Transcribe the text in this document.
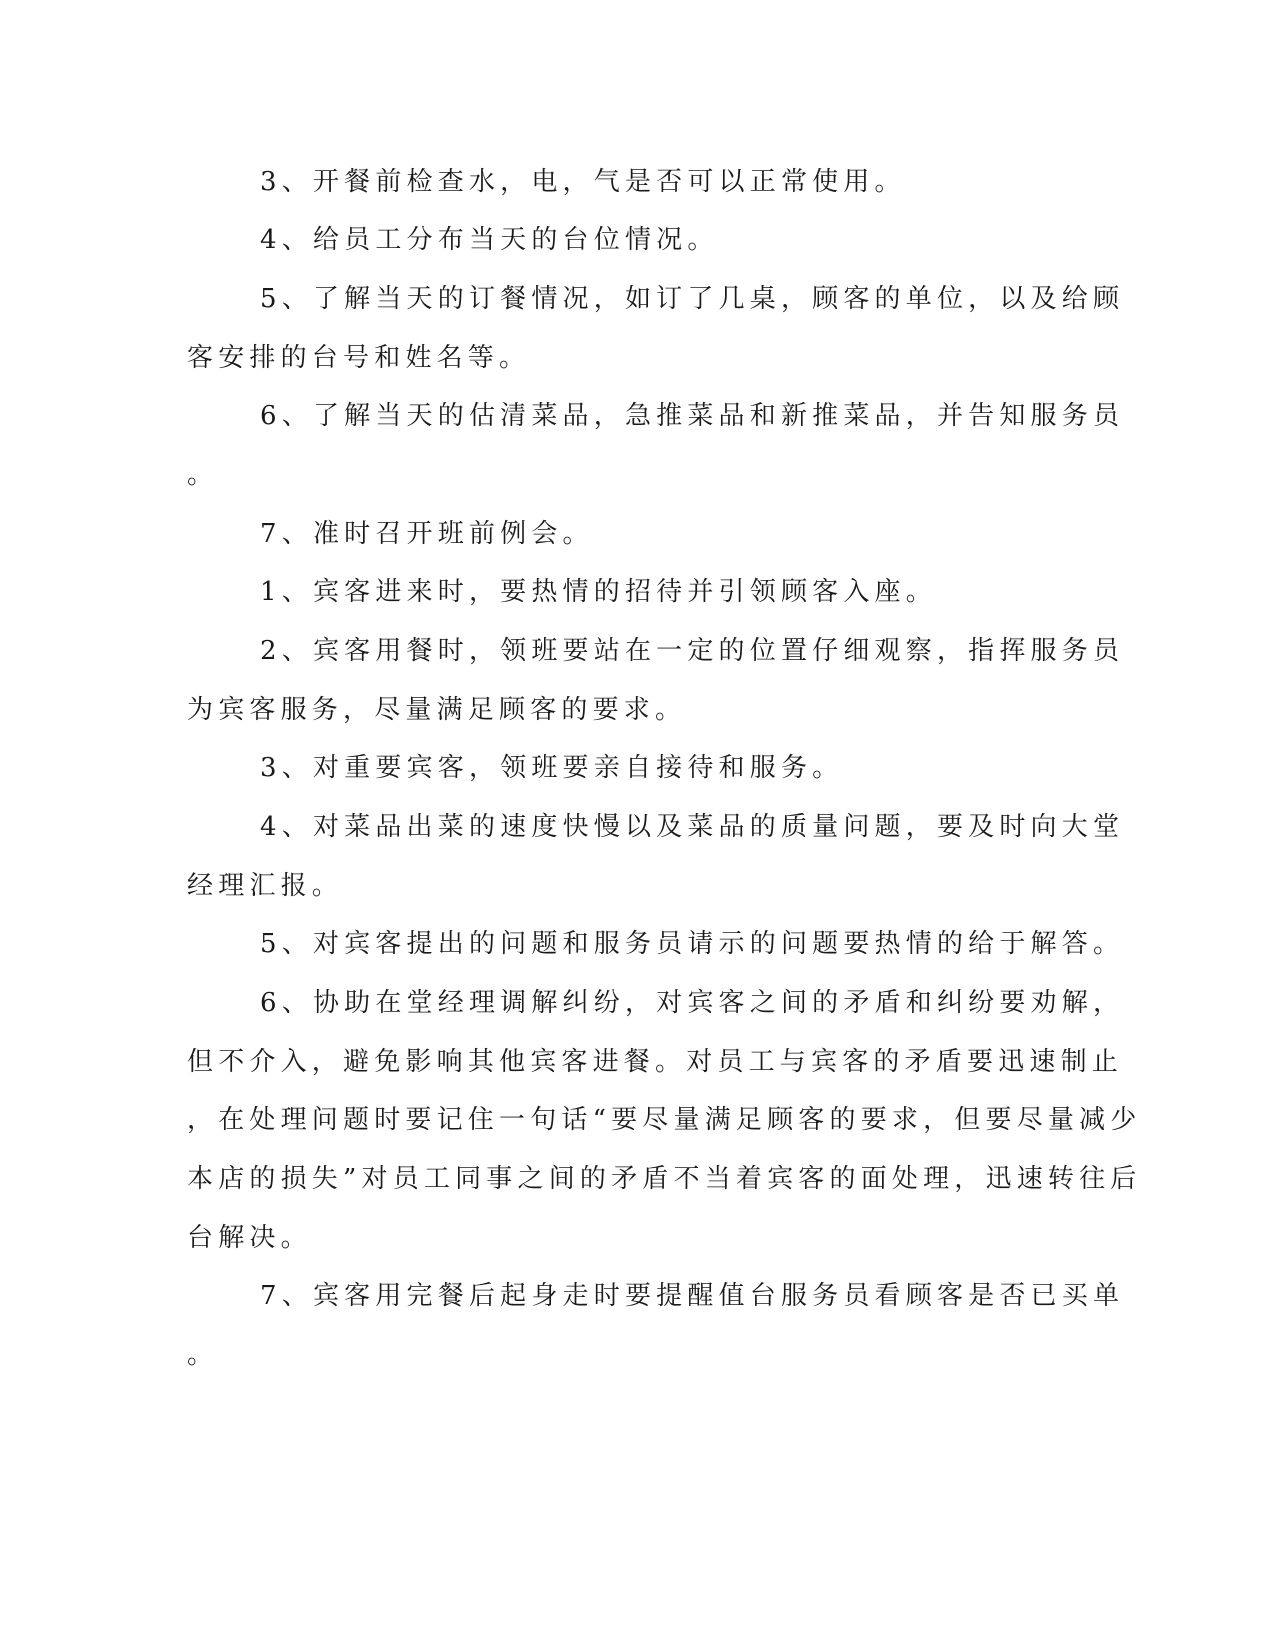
3、开餐前检查水，电，气是否可以正常使用。
4、给员工分布当天的台位情况。
5、了解当天的订餐情况，如订了几桌，顾客的单位，以及给顾
客安排的台号和姓名等。
6、了解当天的估清菜品，急推菜品和新推菜品，并告知服务员
。
7、准时召开班前例会。
1、宾客进来时，要热情的招待并引领顾客入座。
2、宾客用餐时，领班要站在一定的位置仔细观察，指挥服务员
为宾客服务，尽量满足顾客的要求。
3、对重要宾客，领班要亲自接待和服务。
4、对菜品出菜的速度快慢以及菜品的质量问题，要及时向大堂
经理汇报。
5、对宾客提出的问题和服务员请示的问题要热情的给于解答。
6、协助在堂经理调解纠纷，对宾客之间的矛盾和纠纷要劝解，
但不介入，避免影响其他宾客进餐。对员工与宾客的矛盾要迅速制止
，在处理问题时要记住一句话“要尽量满足顾客的要求，但要尽量减少
本店的损失”对员工同事之间的矛盾不当着宾客的面处理，迅速转往后
台解决。
7、宾客用完餐后起身走时要提醒值台服务员看顾客是否已买单
。
